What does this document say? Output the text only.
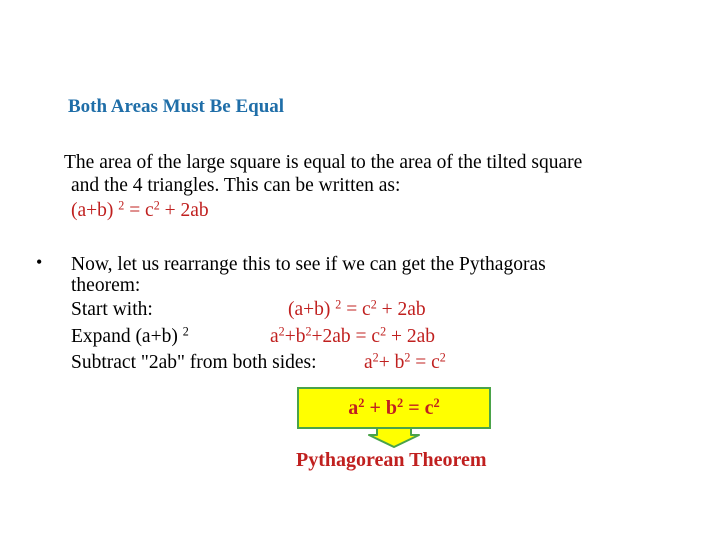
Both Areas Must Be Equal
The area of the large square is equal to the area of the tilted square
and the 4 triangles. This can be written as:
(a+b) $^2 = c^2 + 2ab$
• Now, let us rearrange this to see if we can get the Pythagoras
theorem:
Start with:	(a+b) $^2 = c^2 + 2ab$
Expand (a+b) $^2$	$a^2+b^2+2ab = c^2 + 2ab$
Subtract "2ab" from both sides: $a^2+ b^2 = c^2$
$a^2 + b^2 = c^2$
Pythagorean Theorem
